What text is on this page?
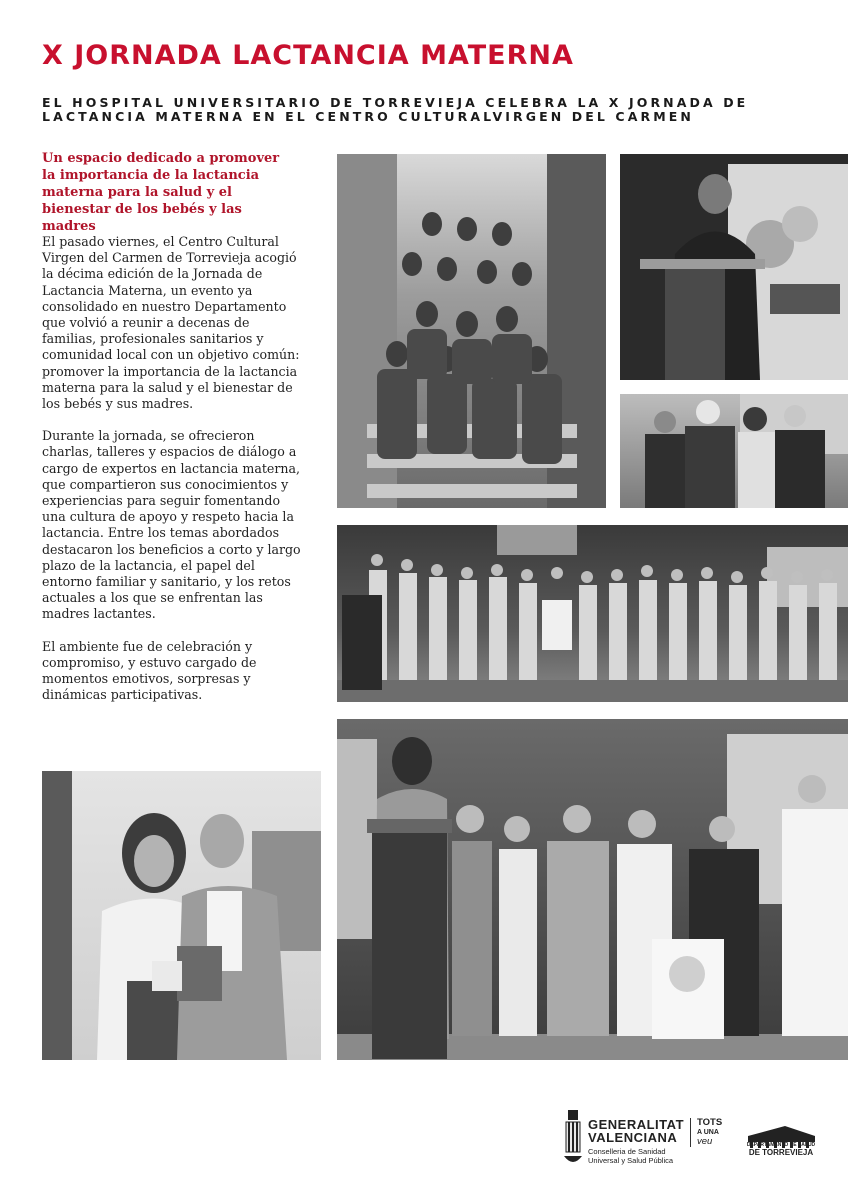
X JORNADA LACTANCIA MATERNA
EL HOSPITAL UNIVERSITARIO DE TORREVIEJA CELEBRA LA X JORNADA DE LACTANCIA MATERNA EN EL CENTRO CULTURALVIRGEN DEL CARMEN

Un espacio dedicado a promover la importancia de la lactancia materna para la salud y el bienestar de los bebés y las madres

El pasado viernes, el Centro Cultural Virgen del Carmen de Torrevieja acogió la décima edición de la Jornada de Lactancia Materna, un evento ya consolidado en nuestro Departamento que volvió a reunir a decenas de familias, profesionales sanitarios y comunidad local con un objetivo común: promover la importancia de la lactancia materna para la salud y el bienestar de los bebés y sus madres.

Durante la jornada, se ofrecieron charlas, talleres y espacios de diálogo a cargo de expertos en lactancia materna, que compartieron sus conocimientos y experiencias para seguir fomentando una cultura de apoyo y respeto hacia la lactancia. Entre los temas abordados destacaron los beneficios a corto y largo plazo de la lactancia, el papel del entorno familiar y sanitario, y los retos actuales a los que se enfrentan las madres lactantes.

El ambiente fue de celebración y compromiso, y estuvo cargado de momentos emotivos, sorpresas y dinámicas participativas.

GENERALITAT
VALENCIANA
Conselleria de Sanidad
Universal y Salud Pública
TOTS
A UNA
veu	DEPARTAMENTO DE SALUD
DE TORREVIEJA
